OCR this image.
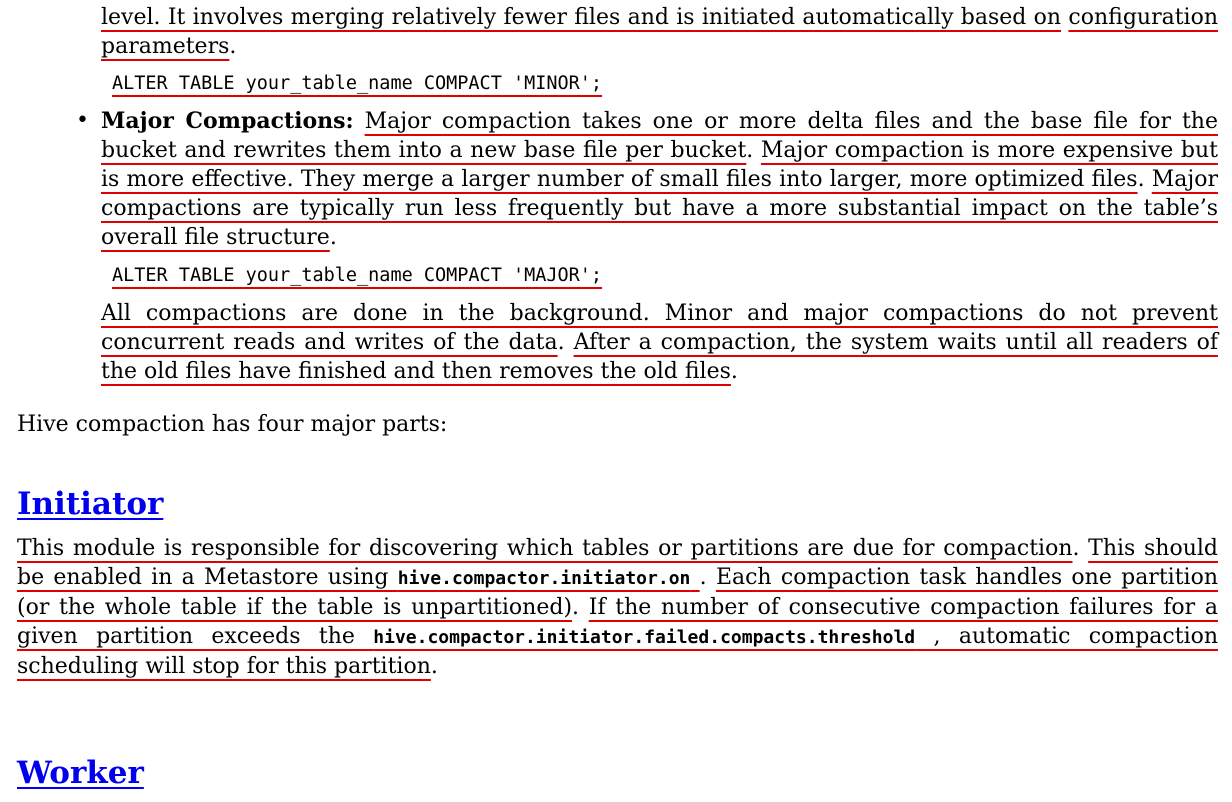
level. It involves merging relatively fewer files and is initiated automatically based on configuration parameters.

ALTER TABLE your_table_name COMPACT 'MINOR';
• Major Compactions: Major compaction takes one or more delta files and the base file for the bucket and rewrites them into a new base file per bucket. Major compaction is more expensive but is more effective. They merge a larger number of small files into larger, more optimized files. Major compactions are typically run less frequently but have a more substantial impact on the table’s overall file structure.

ALTER TABLE your_table_name COMPACT 'MAJOR';

All compactions are done in the background. Minor and major compactions do not prevent concurrent reads and writes of the data. After a compaction, the system waits until all readers of the old files have finished and then removes the old files.

Hive compaction has four major parts:
Initiator

This module is responsible for discovering which tables or partitions are due for compaction. This should be enabled in a Metastore using hive.compactor.initiator.on . Each compaction task handles one partition (or the whole table if the table is unpartitioned). If the number of consecutive compaction failures for a given partition exceeds the hive.compactor.initiator.failed.compacts.threshold , automatic compaction scheduling will stop for this partition.

Worker
